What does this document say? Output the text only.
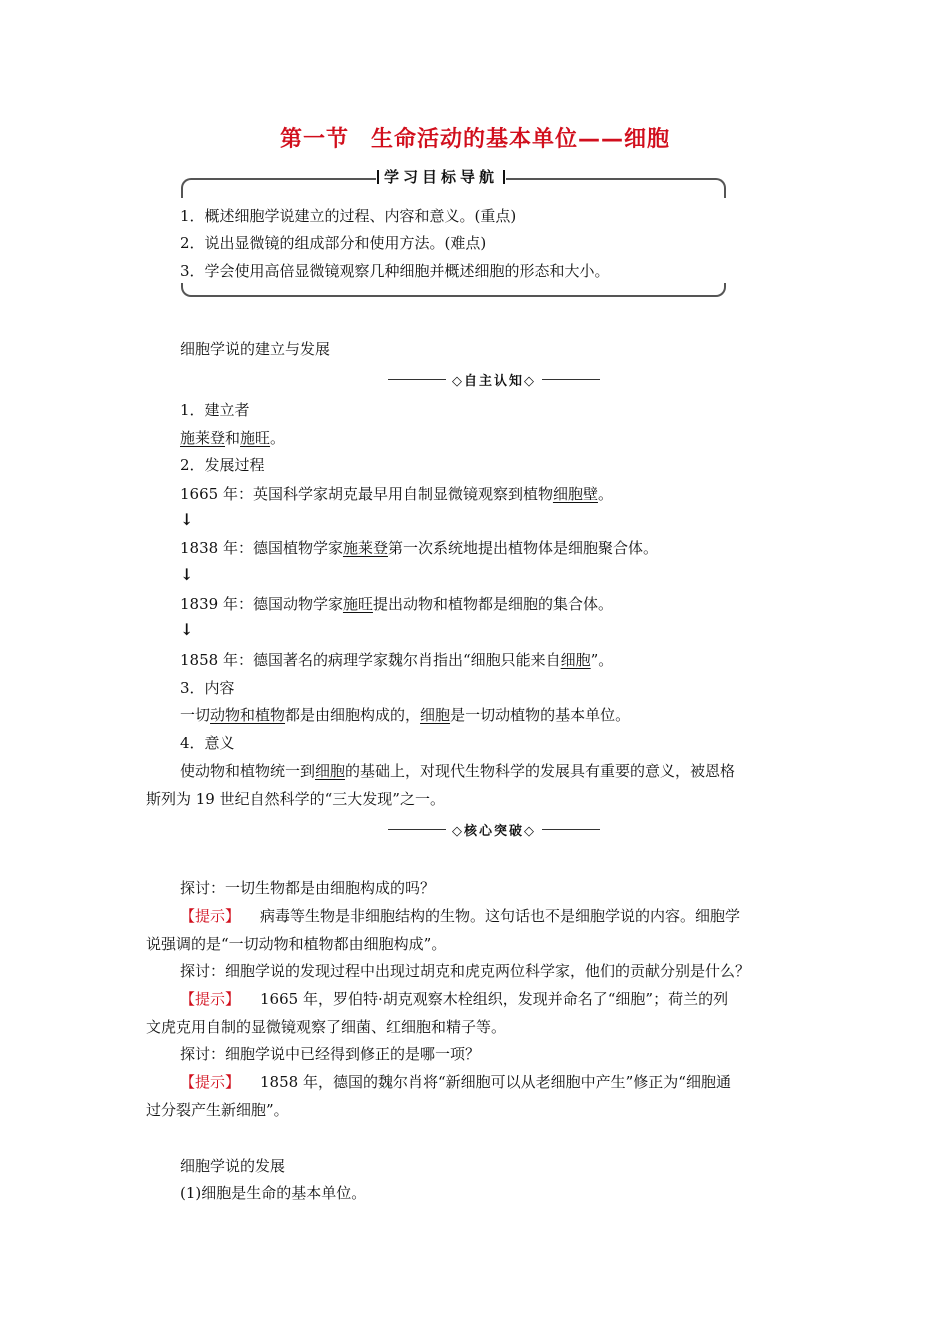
第一节 生命活动的基本单位——细胞
学习目标导航
1．概述细胞学说建立的过程、内容和意义。(重点)
2．说出显微镜的组成部分和使用方法。(难点)
3．学会使用高倍显微镜观察几种细胞并概述细胞的形态和大小。
细胞学说的建立与发展
◇自主认知◇
1．建立者
施莱登和施旺。
2．发展过程
1665 年：英国科学家胡克最早用自制显微镜观察到植物细胞壁。
↓
1838 年：德国植物学家施莱登第一次系统地提出植物体是细胞聚合体。
↓
1839 年：德国动物学家施旺提出动物和植物都是细胞的集合体。
↓
1858 年：德国著名的病理学家魏尔肖指出“细胞只能来自细胞”。
3．内容
一切动物和植物都是由细胞构成的，细胞是一切动植物的基本单位。
4．意义
使动物和植物统一到细胞的基础上，对现代生物科学的发展具有重要的意义，被恩格
斯列为 19 世纪自然科学的“三大发现”之一。
◇核心突破◇
探讨：一切生物都是由细胞构成的吗？
【提示】 病毒等生物是非细胞结构的生物。这句话也不是细胞学说的内容。细胞学
说强调的是“一切动物和植物都由细胞构成”。
探讨：细胞学说的发现过程中出现过胡克和虎克两位科学家，他们的贡献分别是什么？
【提示】 1665 年，罗伯特·胡克观察木栓组织，发现并命名了“细胞”；荷兰的列
文虎克用自制的显微镜观察了细菌、红细胞和精子等。
探讨：细胞学说中已经得到修正的是哪一项？
【提示】 1858 年，德国的魏尔肖将“新细胞可以从老细胞中产生”修正为“细胞通
过分裂产生新细胞”。
细胞学说的发展
(1)细胞是生命的基本单位。
